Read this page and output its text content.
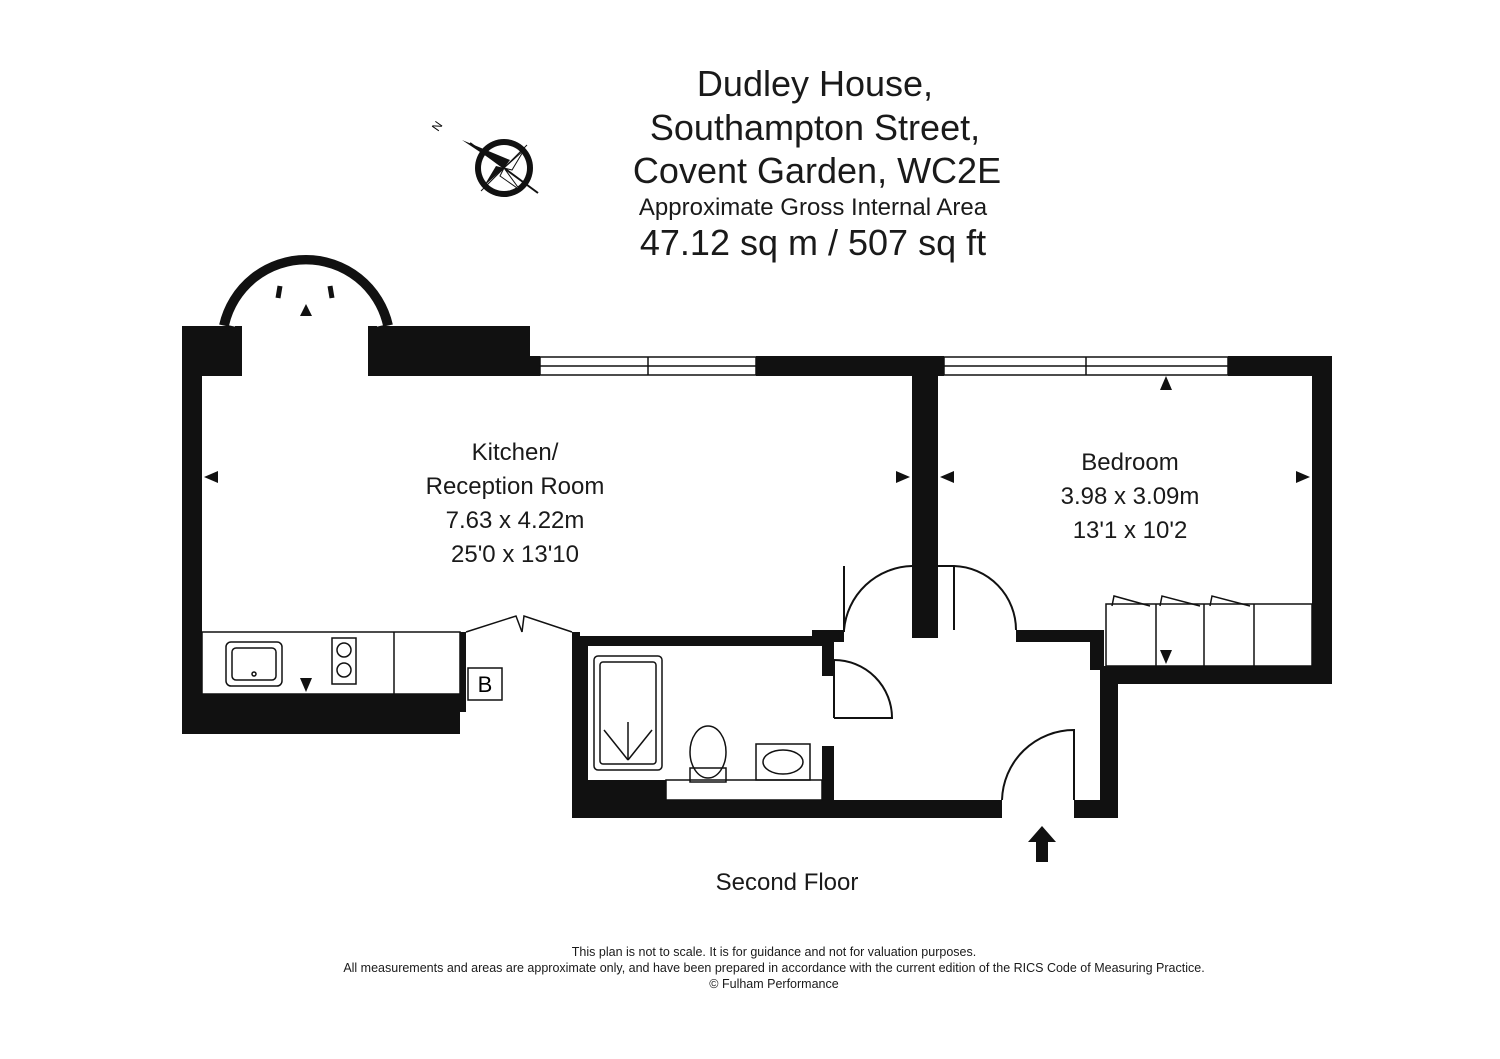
Dudley House,
Southampton Street,
Covent Garden, WC2E
Approximate Gross Internal Area
47.12 sq m / 507 sq ft
N
B
Kitchen/
Reception Room
7.63 x 4.22m
25'0 x 13'10
Bedroom
3.98 x 3.09m
13'1 x 10'2
Second Floor
This plan is not to scale. It is for guidance and not for valuation purposes.
All measurements and areas are approximate only, and have been prepared in accordance with the current edition of the RICS Code of Measuring Practice.
© Fulham Performance
